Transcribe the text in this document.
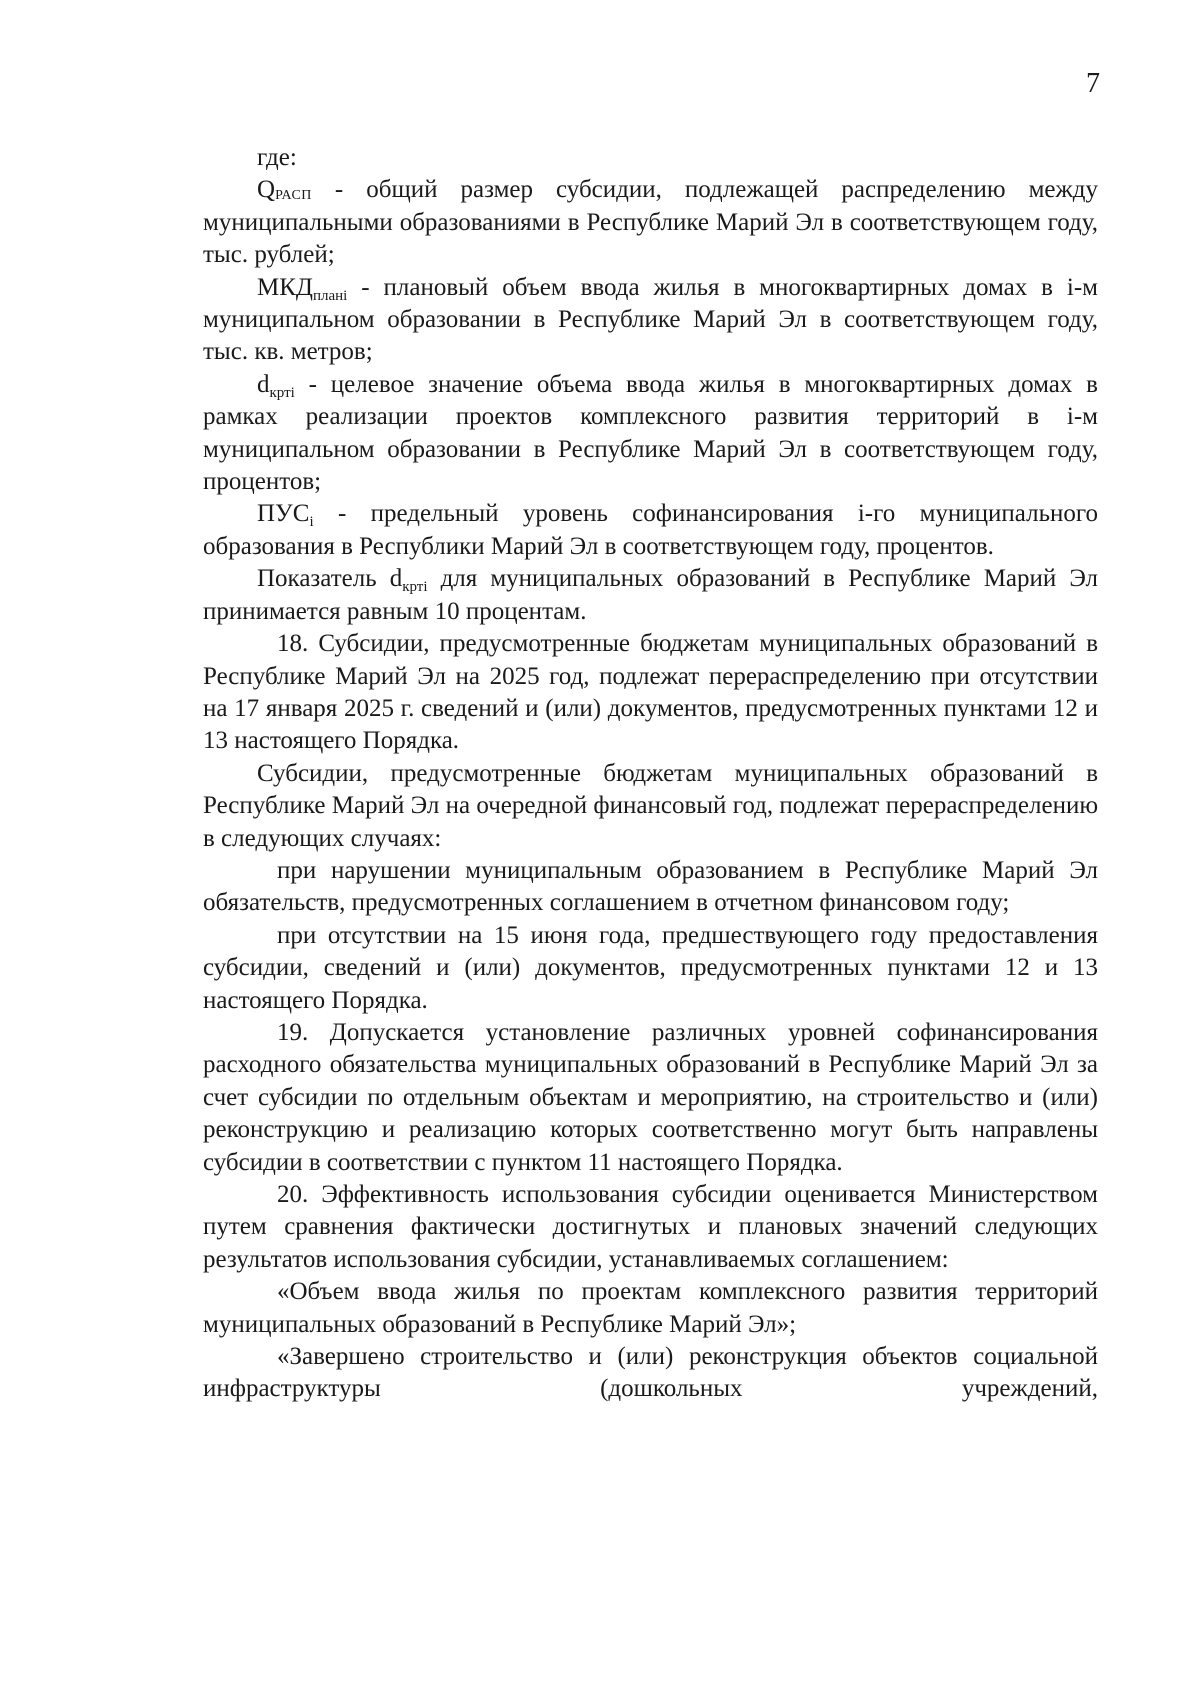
7

где:

QРАСП - общий размер субсидии, подлежащей распределению между муниципальными образованиями в Республике Марий Эл в соответствующем году, тыс. рублей;

$МКД_{планi}$ - плановый объем ввода жилья в многоквартирных домах в i-м муниципальном образовании в Республике Марий Эл в соответствующем году, тыс. кв. метров;

$d_{кртi}$ - целевое значение объема ввода жилья в многоквартирных домах в рамках реализации проектов комплексного развития территорий в i-м муниципальном образовании в Республике Марий Эл в соответствующем году, процентов;

$ПУС_i$ - предельный уровень софинансирования i-го муниципального образования в Республики Марий Эл в соответствующем году, процентов.

Показатель $d_{кртi}$ для муниципальных образований в Республике Марий Эл принимается равным 10 процентам.

18. Субсидии, предусмотренные бюджетам муниципальных образований в Республике Марий Эл на 2025 год, подлежат перераспределению при отсутствии на 17 января 2025 г. сведений и (или) документов, предусмотренных пунктами 12 и 13 настоящего Порядка.

Субсидии, предусмотренные бюджетам муниципальных образований в Республике Марий Эл на очередной финансовый год, подлежат перераспределению в следующих случаях:

при нарушении муниципальным образованием в Республике Марий Эл обязательств, предусмотренных соглашением в отчетном финансовом году;

при отсутствии на 15 июня года, предшествующего году предоставления субсидии, сведений и (или) документов, предусмотренных пунктами 12 и 13 настоящего Порядка.

19. Допускается установление различных уровней софинансирования расходного обязательства муниципальных образований в Республике Марий Эл за счет субсидии по отдельным объектам и мероприятию, на строительство и (или) реконструкцию и реализацию которых соответственно могут быть направлены субсидии в соответствии с пунктом 11 настоящего Порядка.

20. Эффективность использования субсидии оценивается Министерством путем сравнения фактически достигнутых и плановых значений следующих результатов использования субсидии, устанавливаемых соглашением:

«Объем ввода жилья по проектам комплексного развития территорий муниципальных образований в Республике Марий Эл»;

«Завершено строительство и (или) реконструкция объектов социальной инфраструктуры (дошкольных учреждений,
